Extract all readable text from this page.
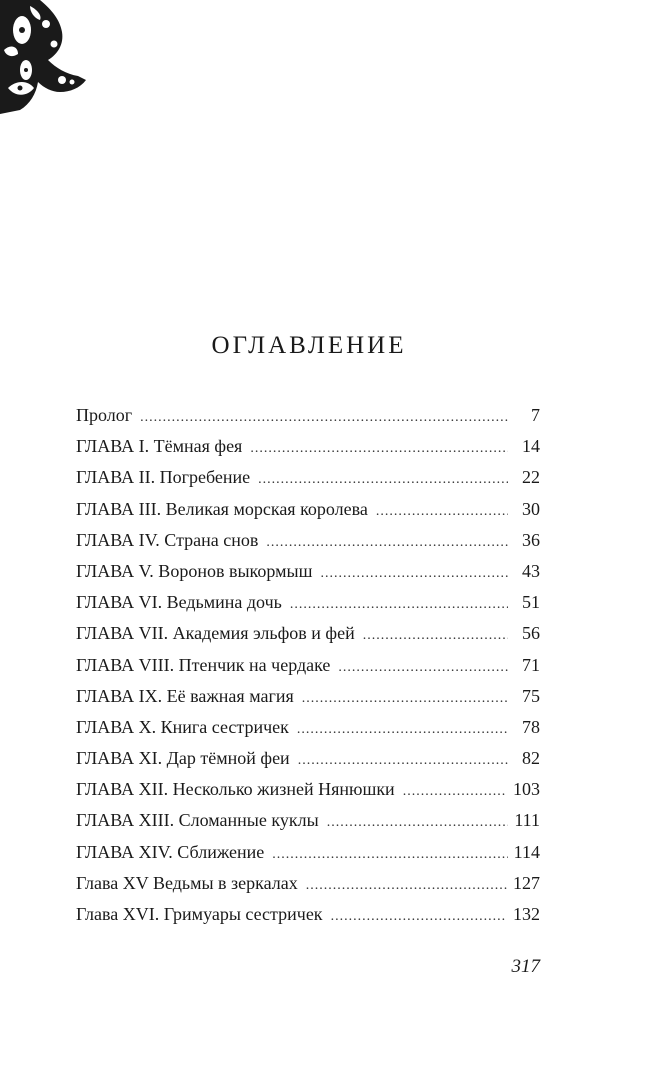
ОГЛАВЛЕНИЕ
Пролог .....	7
ГЛАВА I. Тёмная фея .....	14
ГЛАВА II. Погребение .....	22
ГЛАВА III. Великая морская королева .....	30
ГЛАВА IV. Страна снов .....	36
ГЛАВА V. Воронов выкормыш .....	43
ГЛАВА VI. Ведьмина дочь .....	51
ГЛАВА VII. Академия эльфов и фей .....	56
ГЛАВА VIII. Птенчик на чердаке .....	71
ГЛАВА IX. Её важная магия .....	75
ГЛАВА X. Книга сестричек .....	78
ГЛАВА XI. Дар тёмной феи .....	82
ГЛАВА XII. Несколько жизней Нянюшки .....	103
ГЛАВА XIII. Сломанные куклы .....	111
ГЛАВА XIV. Сближение .....	114
Глава XV Ведьмы в зеркалах .....	127
Глава XVI. Гримуары сестричек .....	132
317
